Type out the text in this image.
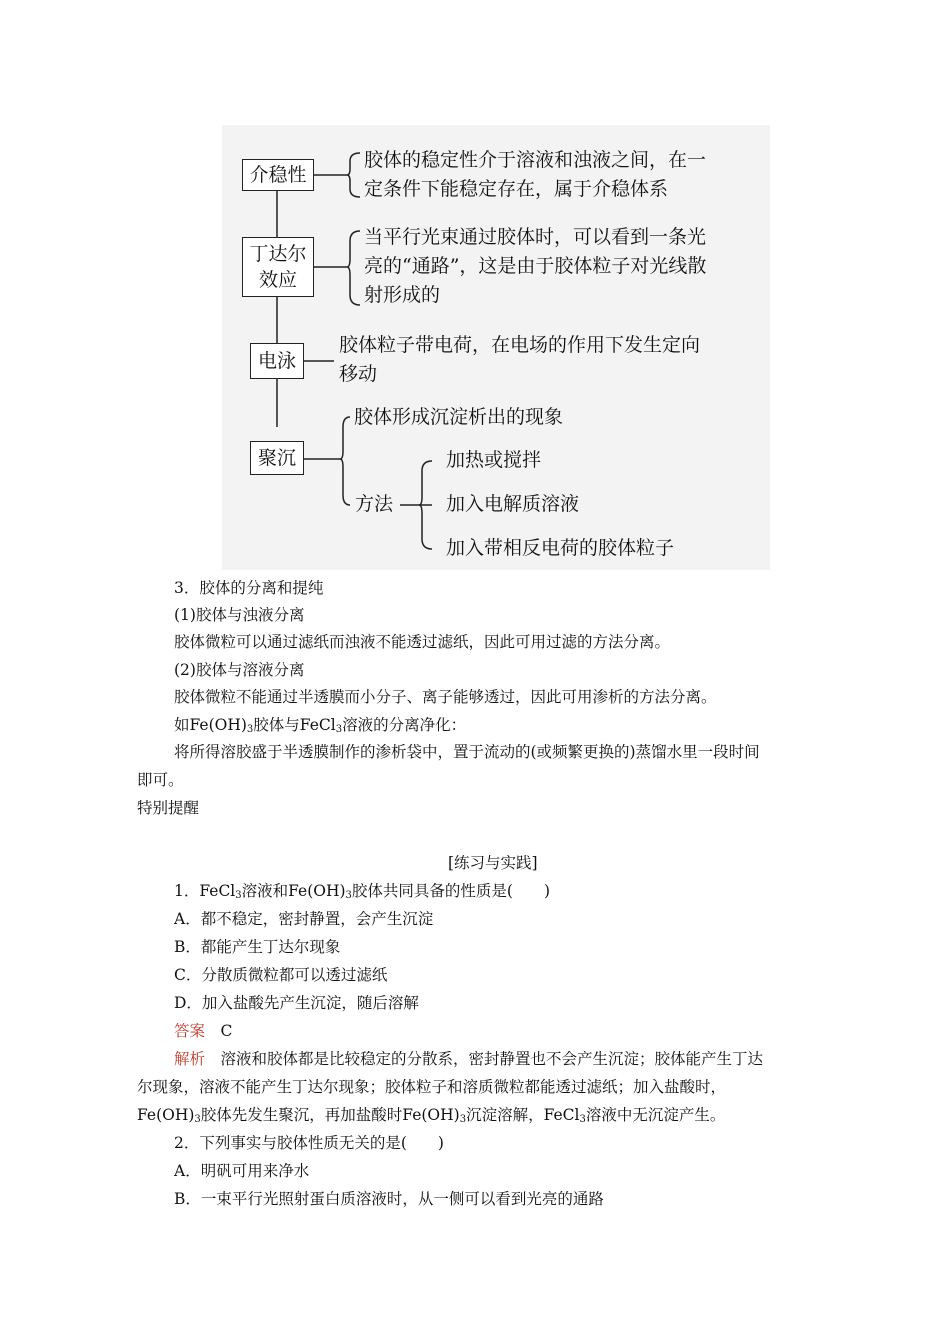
介稳性
丁达尔
效应
电泳
聚沉
胶体的稳定性介于溶液和浊液之间，在一
定条件下能稳定存在，属于介稳体系
当平行光束通过胶体时，可以看到一条光
亮的“通路”，这是由于胶体粒子对光线散
射形成的
胶体粒子带电荷，在电场的作用下发生定向
移动
胶体形成沉淀析出的现象
方法
加热或搅拌
加入电解质溶液
加入带相反电荷的胶体粒子
3．胶体的分离和提纯
(1)胶体与浊液分离
胶体微粒可以通过滤纸而浊液不能透过滤纸，因此可用过滤的方法分离。
(2)胶体与溶液分离
胶体微粒不能通过半透膜而小分子、离子能够透过，因此可用渗析的方法分离。
如$Fe(OH)_3$胶体与FeCl$_3$溶液的分离净化：
将所得溶胶盛于半透膜制作的渗析袋中，置于流动的(或频繁更换的)蒸馏水里一段时间
即可。
特别提醒
[练习与实践]
1．FeCl$_3$溶液和$Fe(OH)_3$胶体共同具备的性质是(　　)
A．都不稳定，密封静置，会产生沉淀
B．都能产生丁达尔现象
C．分散质微粒都可以透过滤纸
D．加入盐酸先产生沉淀，随后溶解
答案　 C
解析　 溶液和胶体都是比较稳定的分散系，密封静置也不会产生沉淀；胶体能产生丁达
尔现象，溶液不能产生丁达尔现象；胶体粒子和溶质微粒都能透过滤纸；加入盐酸时，
$Fe(OH)_3$胶体先发生聚沉，再加盐酸时$Fe(OH)_3$沉淀溶解，FeCl$_3$溶液中无沉淀产生。
2．下列事实与胶体性质无关的是(　　)
A．明矾可用来净水
B．一束平行光照射蛋白质溶液时，从一侧可以看到光亮的通路
